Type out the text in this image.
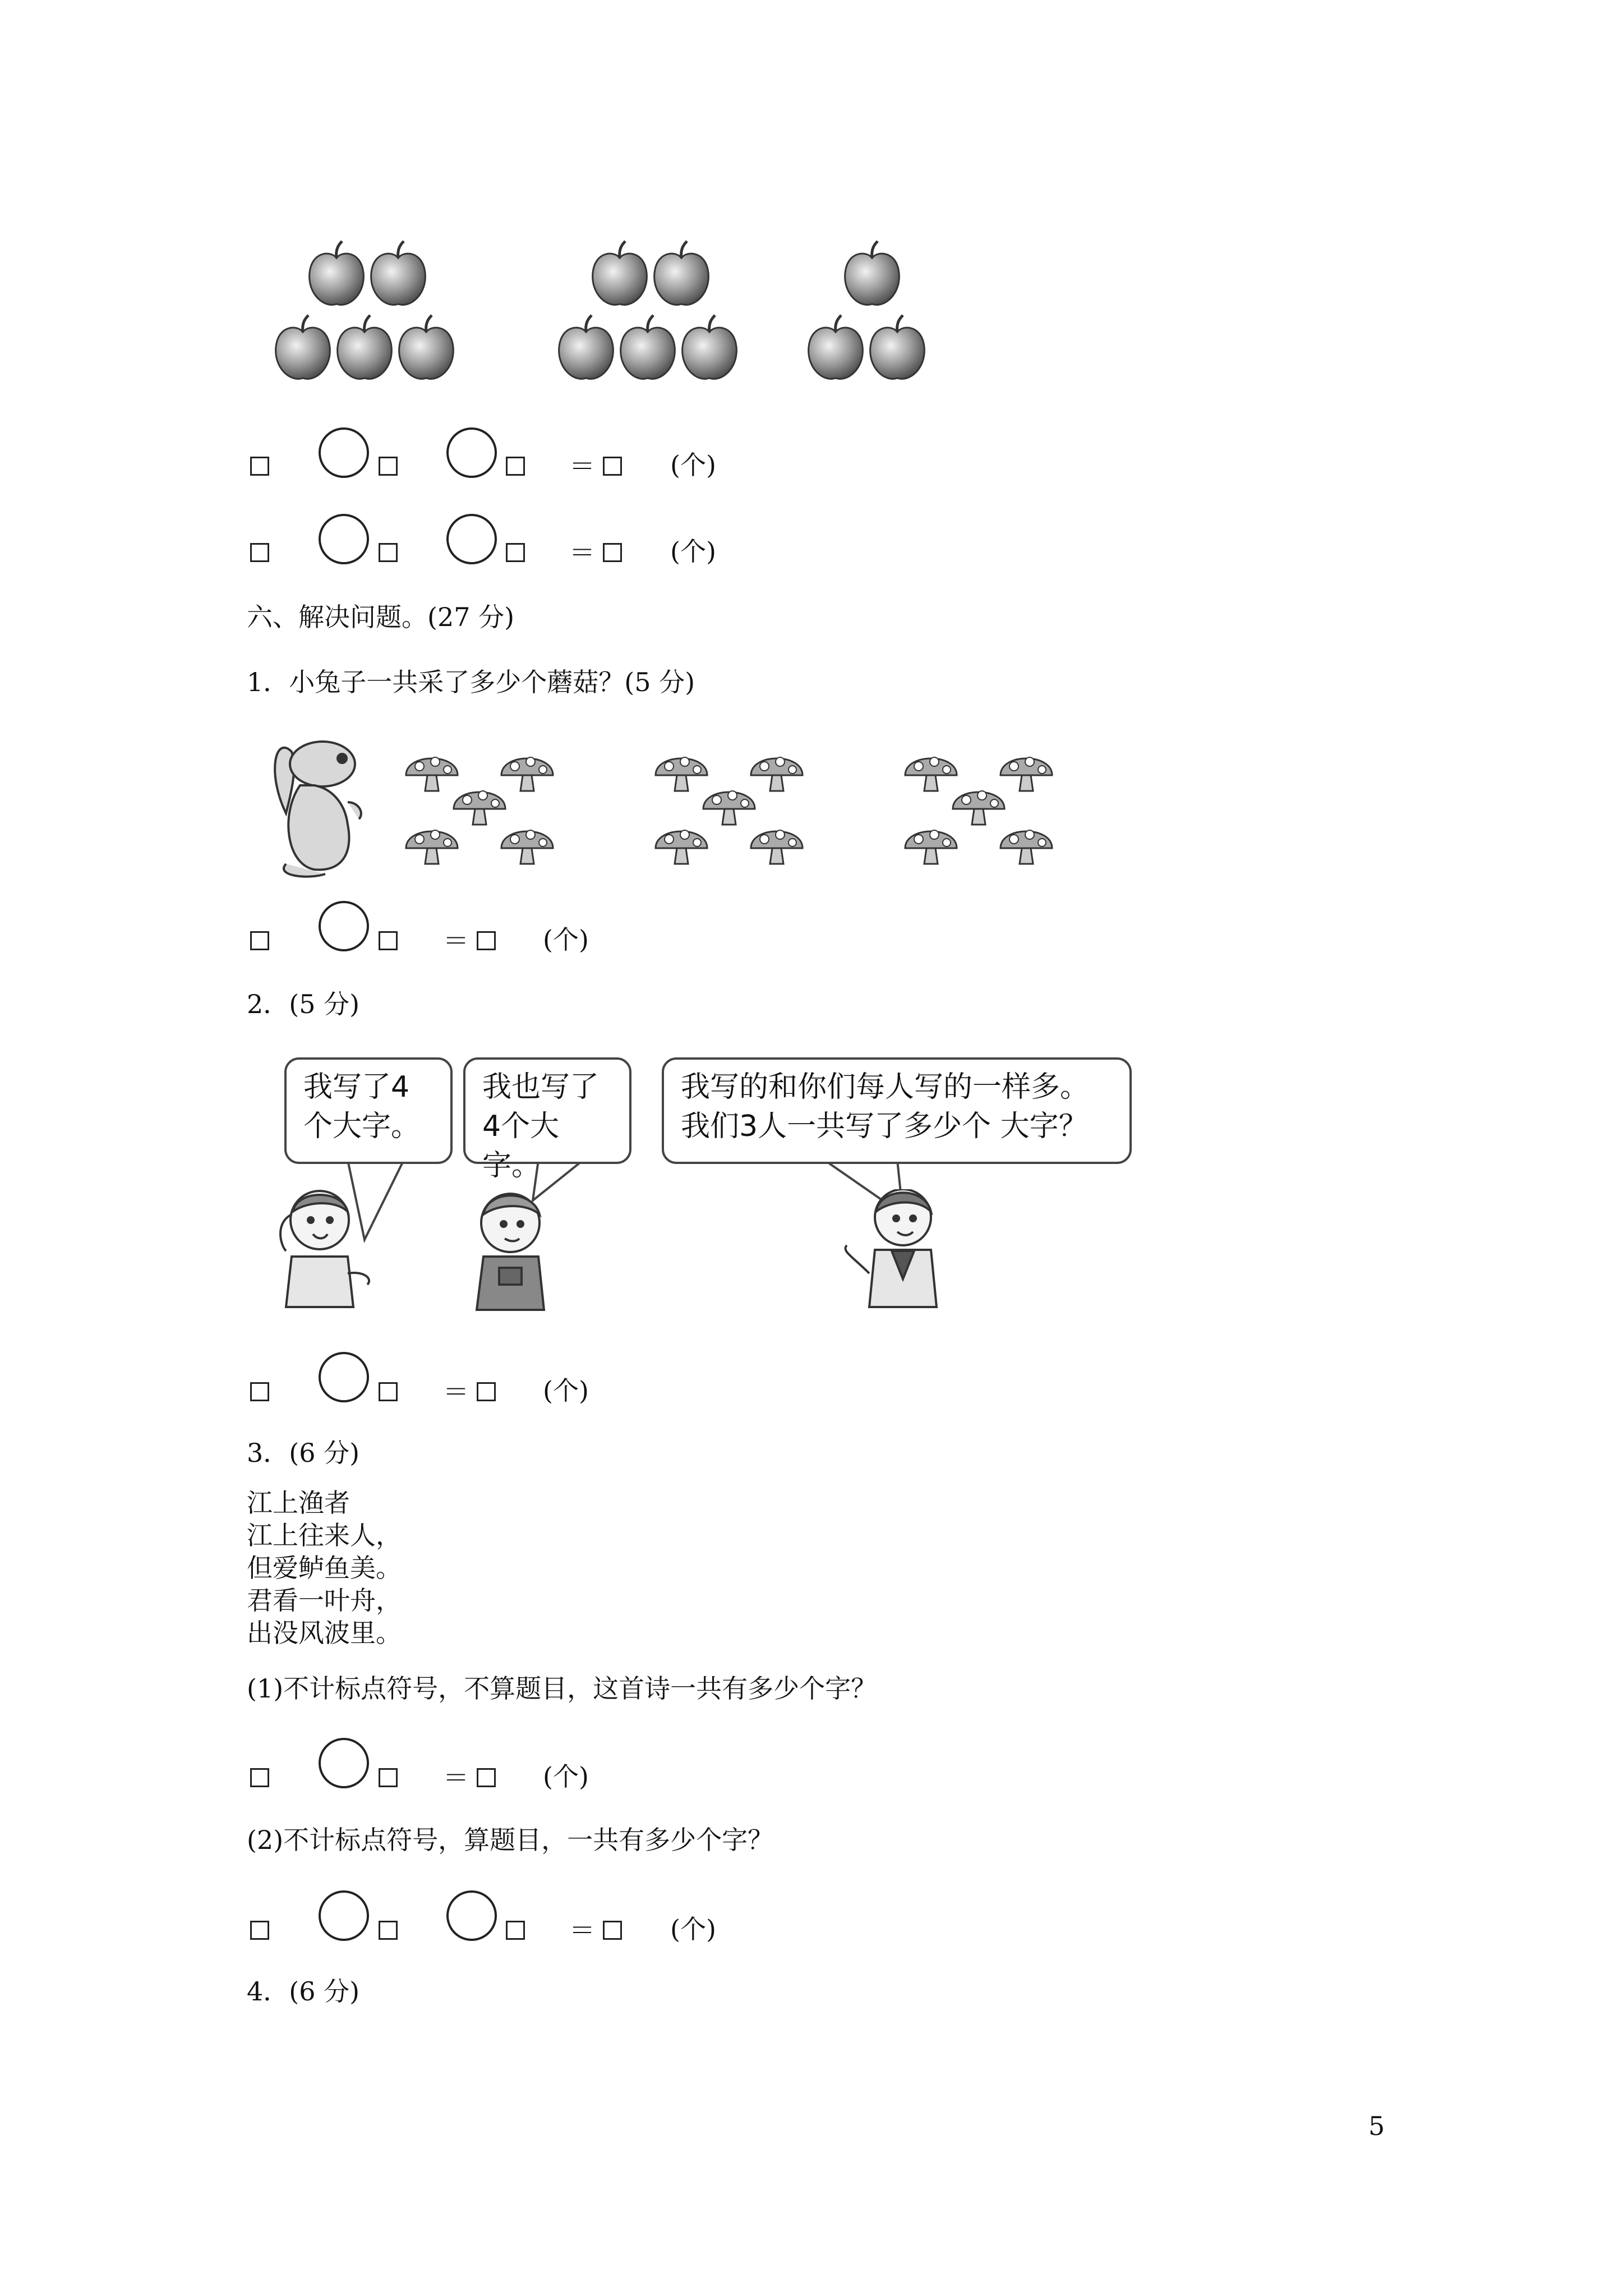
＝	(个)
＝	(个)
六、解决问题。(27 分)
1．小兔子一共采了多少个蘑菇？(5 分)
＝	(个)
2．(5 分)
我写了4
个大字。
我也写了
4个大字。
我写的和你们每人写的一样多。
我们3人一共写了多少个 大字？
＝	(个)
3．(6 分)
江上渔者
江上往来人，
但爱鲈鱼美。
君看一叶舟，
出没风波里。
(1)不计标点符号，不算题目，这首诗一共有多少个字？
＝	(个)
(2)不计标点符号，算题目，一共有多少个字？
＝	(个)
4．(6 分)
5
